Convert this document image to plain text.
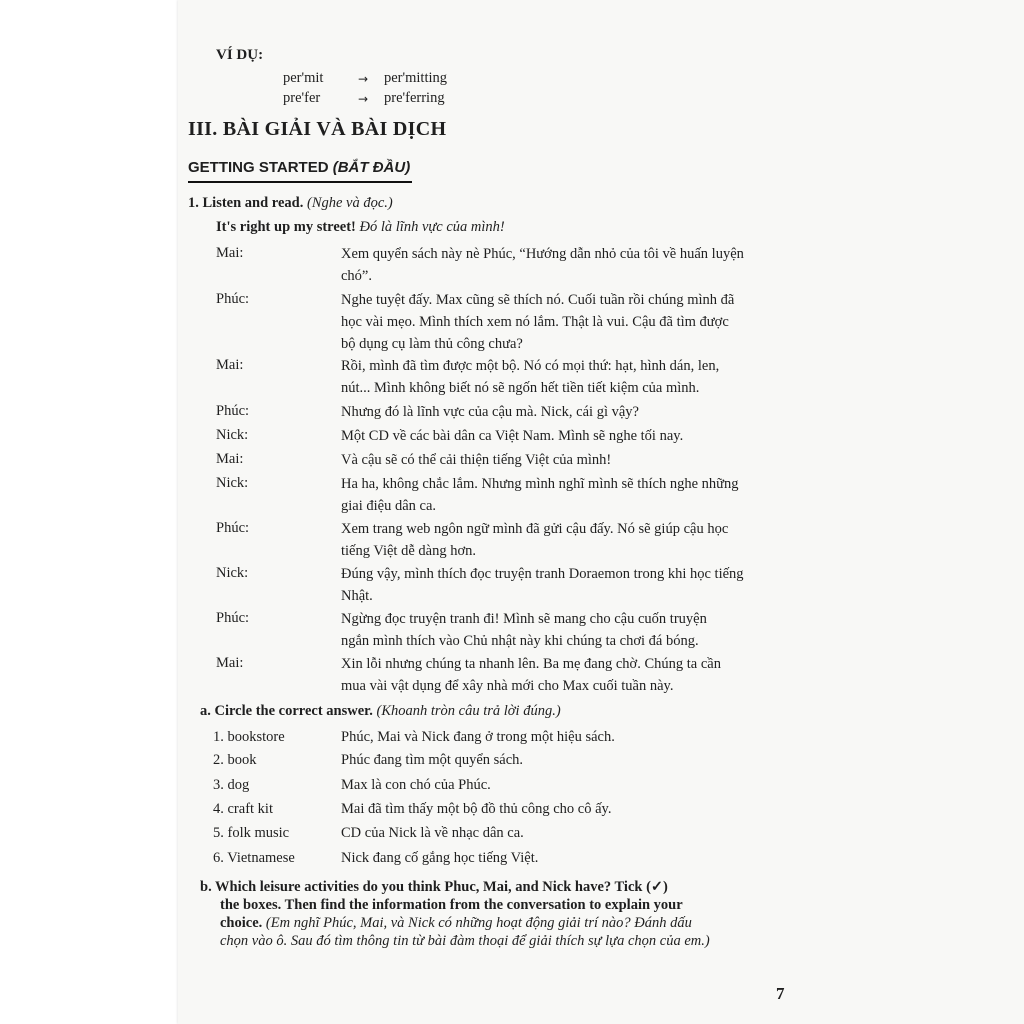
VÍ DỤ:
per'mit	→ per'mitting
pre'fer	→ pre'ferring
III. BÀI GIẢI VÀ BÀI DỊCH
GETTING STARTED (BẮT ĐẦU)
1. Listen and read. (Nghe và đọc.)
It's right up my street! Đó là lĩnh vực của mình!
Mai:	Xem quyển sách này nè Phúc, “Hướng dẫn nhỏ của tôi về huấn luyện
chó”.
Phúc:	Nghe tuyệt đấy. Max cũng sẽ thích nó. Cuối tuần rồi chúng mình đã
học vài mẹo. Mình thích xem nó lắm. Thật là vui. Cậu đã tìm được
bộ dụng cụ làm thủ công chưa?
Mai:	Rồi, mình đã tìm được một bộ. Nó có mọi thứ: hạt, hình dán, len,
nút... Mình không biết nó sẽ ngốn hết tiền tiết kiệm của mình.
Phúc:	Nhưng đó là lĩnh vực của cậu mà. Nick, cái gì vậy?
Nick:	Một CD về các bài dân ca Việt Nam. Mình sẽ nghe tối nay.
Mai:	Và cậu sẽ có thể cải thiện tiếng Việt của mình!
Nick:	Ha ha, không chắc lắm. Nhưng mình nghĩ mình sẽ thích nghe những
giai điệu dân ca.
Phúc:	Xem trang web ngôn ngữ mình đã gửi cậu đấy. Nó sẽ giúp cậu học
tiếng Việt dễ dàng hơn.
Nick:	Đúng vậy, mình thích đọc truyện tranh Doraemon trong khi học tiếng
Nhật.
Phúc:	Ngừng đọc truyện tranh đi! Mình sẽ mang cho cậu cuốn truyện
ngắn mình thích vào Chủ nhật này khi chúng ta chơi đá bóng.
Mai:	Xin lỗi nhưng chúng ta nhanh lên. Ba mẹ đang chờ. Chúng ta cần
mua vài vật dụng để xây nhà mới cho Max cuối tuần này.
a. Circle the correct answer. (Khoanh tròn câu trả lời đúng.)
1. bookstore	Phúc, Mai và Nick đang ở trong một hiệu sách.
2. book	Phúc đang tìm một quyển sách.
3. dog	Max là con chó của Phúc.
4. craft kit	Mai đã tìm thấy một bộ đồ thủ công cho cô ấy.
5. folk music	CD của Nick là về nhạc dân ca.
6. Vietnamese	Nick đang cố gắng học tiếng Việt.
b. Which leisure activities do you think Phuc, Mai, and Nick have? Tick (✓)
the boxes. Then find the information from the conversation to explain your
choice. (Em nghĩ Phúc, Mai, và Nick có những hoạt động giải trí nào? Đánh dấu
chọn vào ô. Sau đó tìm thông tin từ bài đàm thoại để giải thích sự lựa chọn của em.)
7
